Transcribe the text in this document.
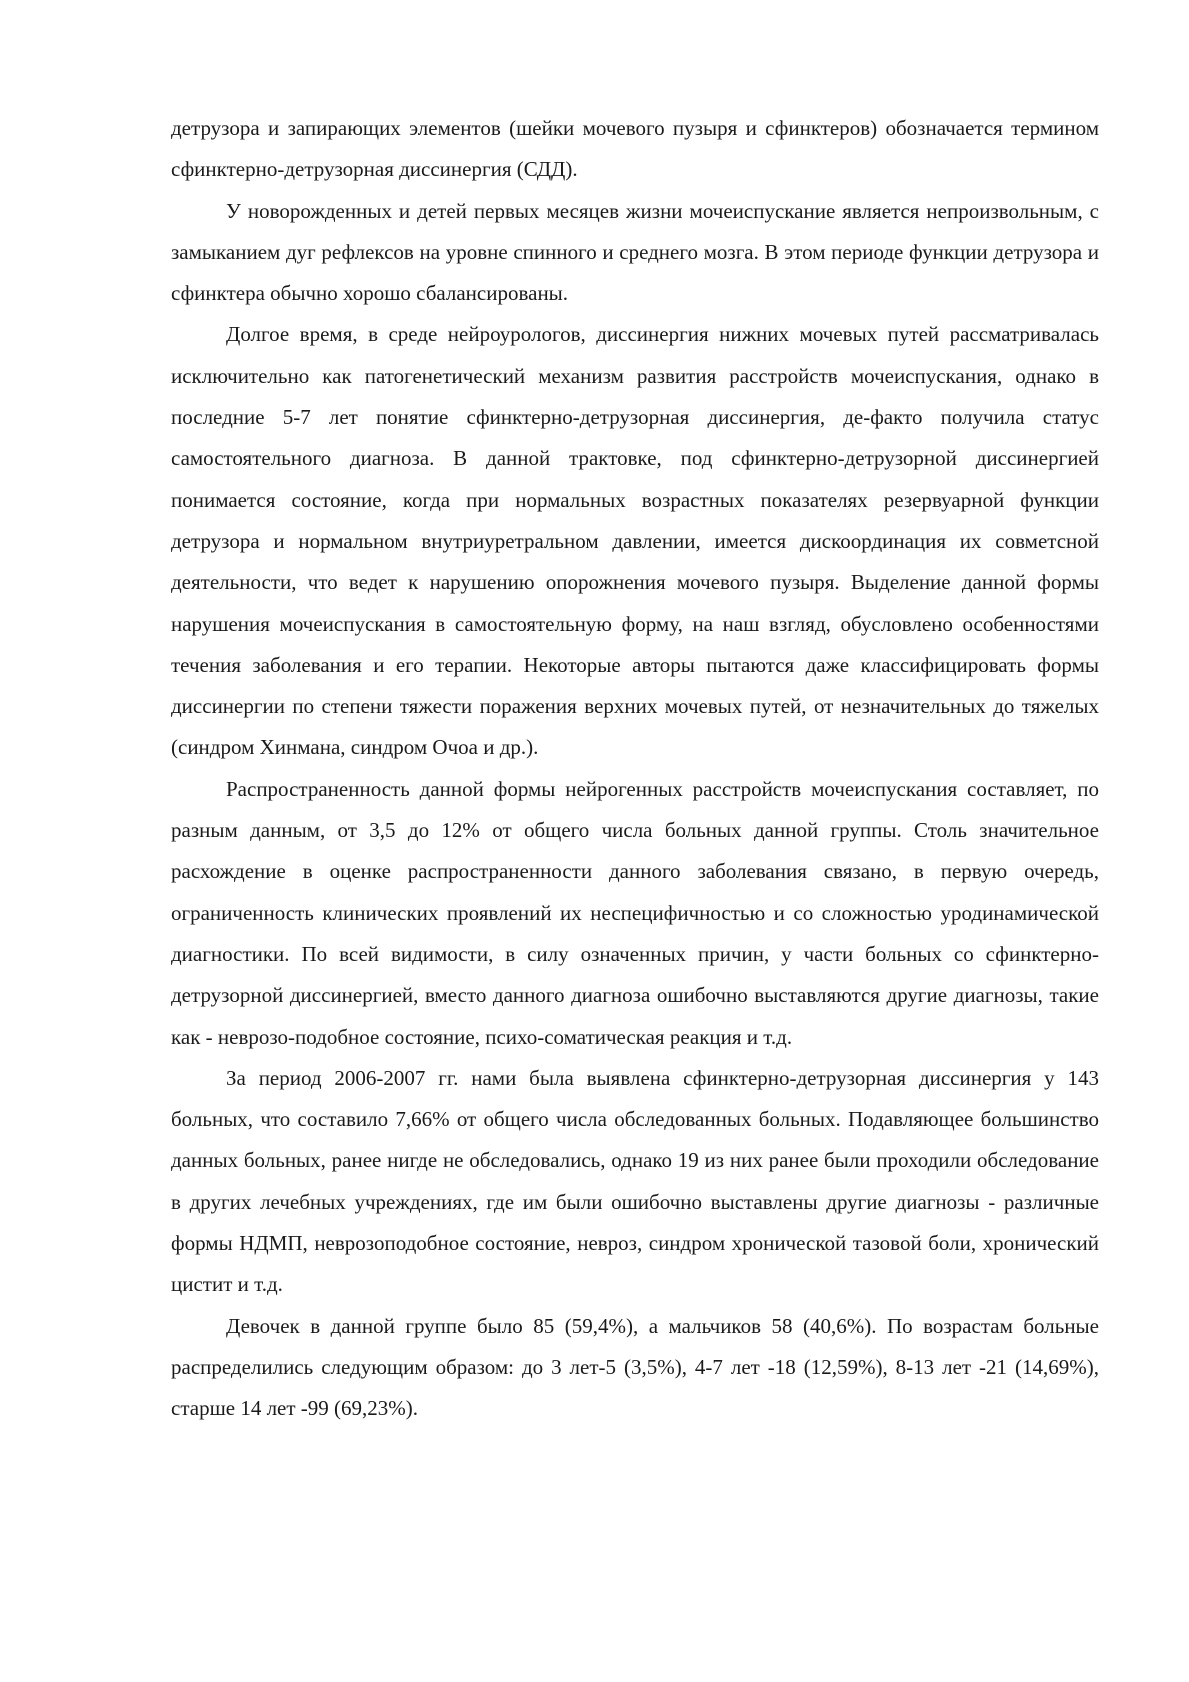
детрузора и запирающих элементов (шейки мочевого пузыря и сфинктеров) обозначается термином сфинктерно-детрузорная диссинергия (СДД).

У новорожденных и детей первых месяцев жизни мочеиспускание является непроизвольным, с замыканием дуг рефлексов на уровне спинного и среднего мозга. В этом периоде функции детрузора и сфинктера обычно хорошо сбалансированы.

Долгое время, в среде нейроурологов, диссинергия нижних мочевых путей рассматривалась исключительно как патогенетический механизм развития расстройств мочеиспускания, однако в последние 5-7 лет понятие сфинктерно-детрузорная диссинергия, де-факто получила статус самостоятельного диагноза. В данной трактовке, под сфинктерно-детрузорной диссинергией понимается состояние, когда при нормальных возрастных показателях резервуарной функции детрузора и нормальном внутриуретральном давлении, имеется дискоординация их совметсной деятельности, что ведет к нарушению опорожнения мочевого пузыря. Выделение данной формы нарушения мочеиспускания в самостоятельную форму, на наш взгляд, обусловлено особенностями течения заболевания и его терапии. Некоторые авторы пытаются даже классифицировать формы диссинергии по степени тяжести поражения верхних мочевых путей, от незначительных до тяжелых (синдром Хинмана, синдром Очоа и др.).

Распространенность данной формы нейрогенных расстройств мочеиспускания составляет, по разным данным, от 3,5 до 12% от общего числа больных данной группы. Столь значительное расхождение в оценке распространенности данного заболевания связано, в первую очередь, ограниченность клинических проявлений их неспецифичностью и со сложностью уродинамической диагностики. По всей видимости, в силу означенных причин, у части больных со сфинктерно-детрузорной диссинергией, вместо данного диагноза ошибочно выставляются другие диагнозы, такие как - неврозо-подобное состояние, психо-соматическая реакция и т.д.

За период 2006-2007 гг. нами была выявлена сфинктерно-детрузорная диссинергия у 143 больных, что составило 7,66% от общего числа обследованных больных. Подавляющее большинство данных больных, ранее нигде не обследовались, однако 19 из них ранее были проходили обследование в других лечебных учреждениях, где им были ошибочно выставлены другие диагнозы - различные формы НДМП, неврозоподобное состояние, невроз, синдром хронической тазовой боли, хронический цистит и т.д.

Девочек в данной группе было 85 (59,4%), а мальчиков 58 (40,6%). По возрастам больные распределились следующим образом: до 3 лет-5 (3,5%), 4-7 лет -18 (12,59%), 8-13 лет -21 (14,69%), старше 14 лет -99 (69,23%).
